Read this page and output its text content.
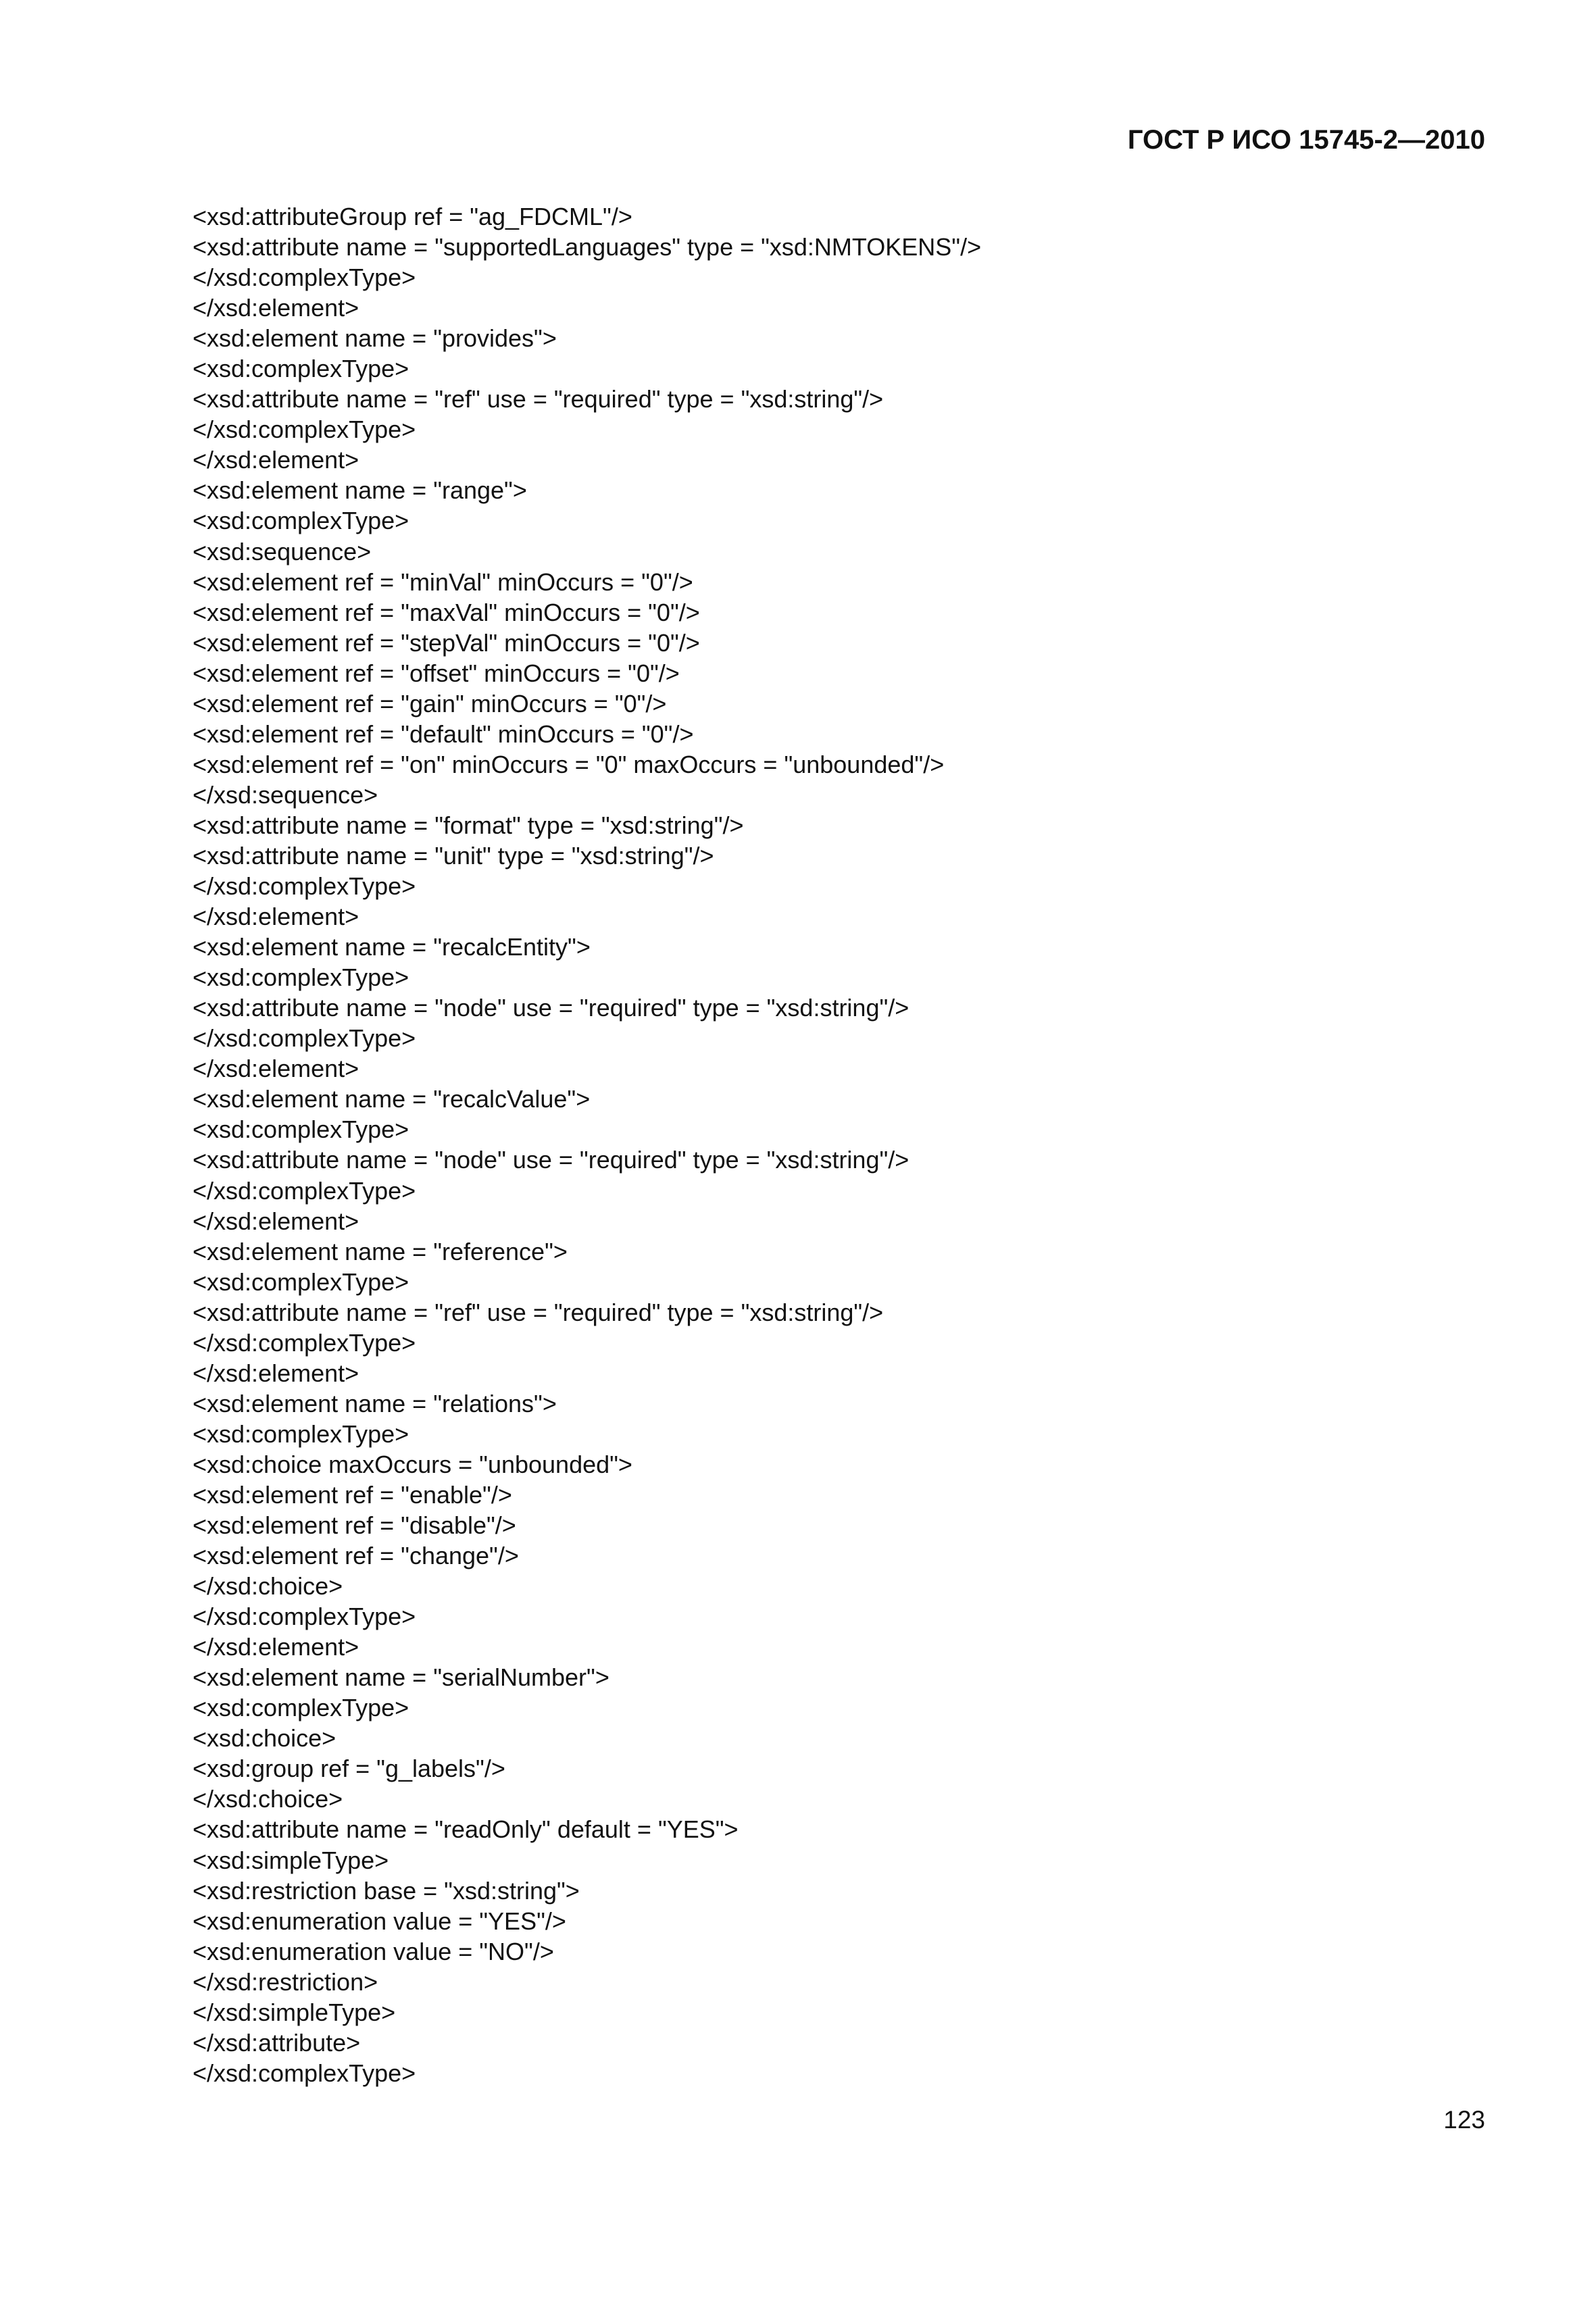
ГОСТ Р ИСО 15745-2—2010
<xsd:attributeGroup ref = "ag_FDCML"/>
<xsd:attribute name = "supportedLanguages" type = "xsd:NMTOKENS"/>
</xsd:complexType>
</xsd:element>
<xsd:element name = "provides">
<xsd:complexType>
<xsd:attribute name = "ref" use = "required" type = "xsd:string"/>
</xsd:complexType>
</xsd:element>
<xsd:element name = "range">
<xsd:complexType>
<xsd:sequence>
<xsd:element ref = "minVal" minOccurs = "0"/>
<xsd:element ref = "maxVal" minOccurs = "0"/>
<xsd:element ref = "stepVal" minOccurs = "0"/>
<xsd:element ref = "offset" minOccurs = "0"/>
<xsd:element ref = "gain" minOccurs = "0"/>
<xsd:element ref = "default" minOccurs = "0"/>
<xsd:element ref = "on" minOccurs = "0" maxOccurs = "unbounded"/>
</xsd:sequence>
<xsd:attribute name = "format" type = "xsd:string"/>
<xsd:attribute name = "unit" type = "xsd:string"/>
</xsd:complexType>
</xsd:element>
<xsd:element name = "recalcEntity">
<xsd:complexType>
<xsd:attribute name = "node" use = "required" type = "xsd:string"/>
</xsd:complexType>
</xsd:element>
<xsd:element name = "recalcValue">
<xsd:complexType>
<xsd:attribute name = "node" use = "required" type = "xsd:string"/>
</xsd:complexType>
</xsd:element>
<xsd:element name = "reference">
<xsd:complexType>
<xsd:attribute name = "ref" use = "required" type = "xsd:string"/>
</xsd:complexType>
</xsd:element>
<xsd:element name = "relations">
<xsd:complexType>
<xsd:choice maxOccurs = "unbounded">
<xsd:element ref = "enable"/>
<xsd:element ref = "disable"/>
<xsd:element ref = "change"/>
</xsd:choice>
</xsd:complexType>
</xsd:element>
<xsd:element name = "serialNumber">
<xsd:complexType>
<xsd:choice>
<xsd:group ref = "g_labels"/>
</xsd:choice>
<xsd:attribute name = "readOnly" default = "YES">
<xsd:simpleType>
<xsd:restriction base = "xsd:string">
<xsd:enumeration value = "YES"/>
<xsd:enumeration value = "NO"/>
</xsd:restriction>
</xsd:simpleType>
</xsd:attribute>
</xsd:complexType>
123
